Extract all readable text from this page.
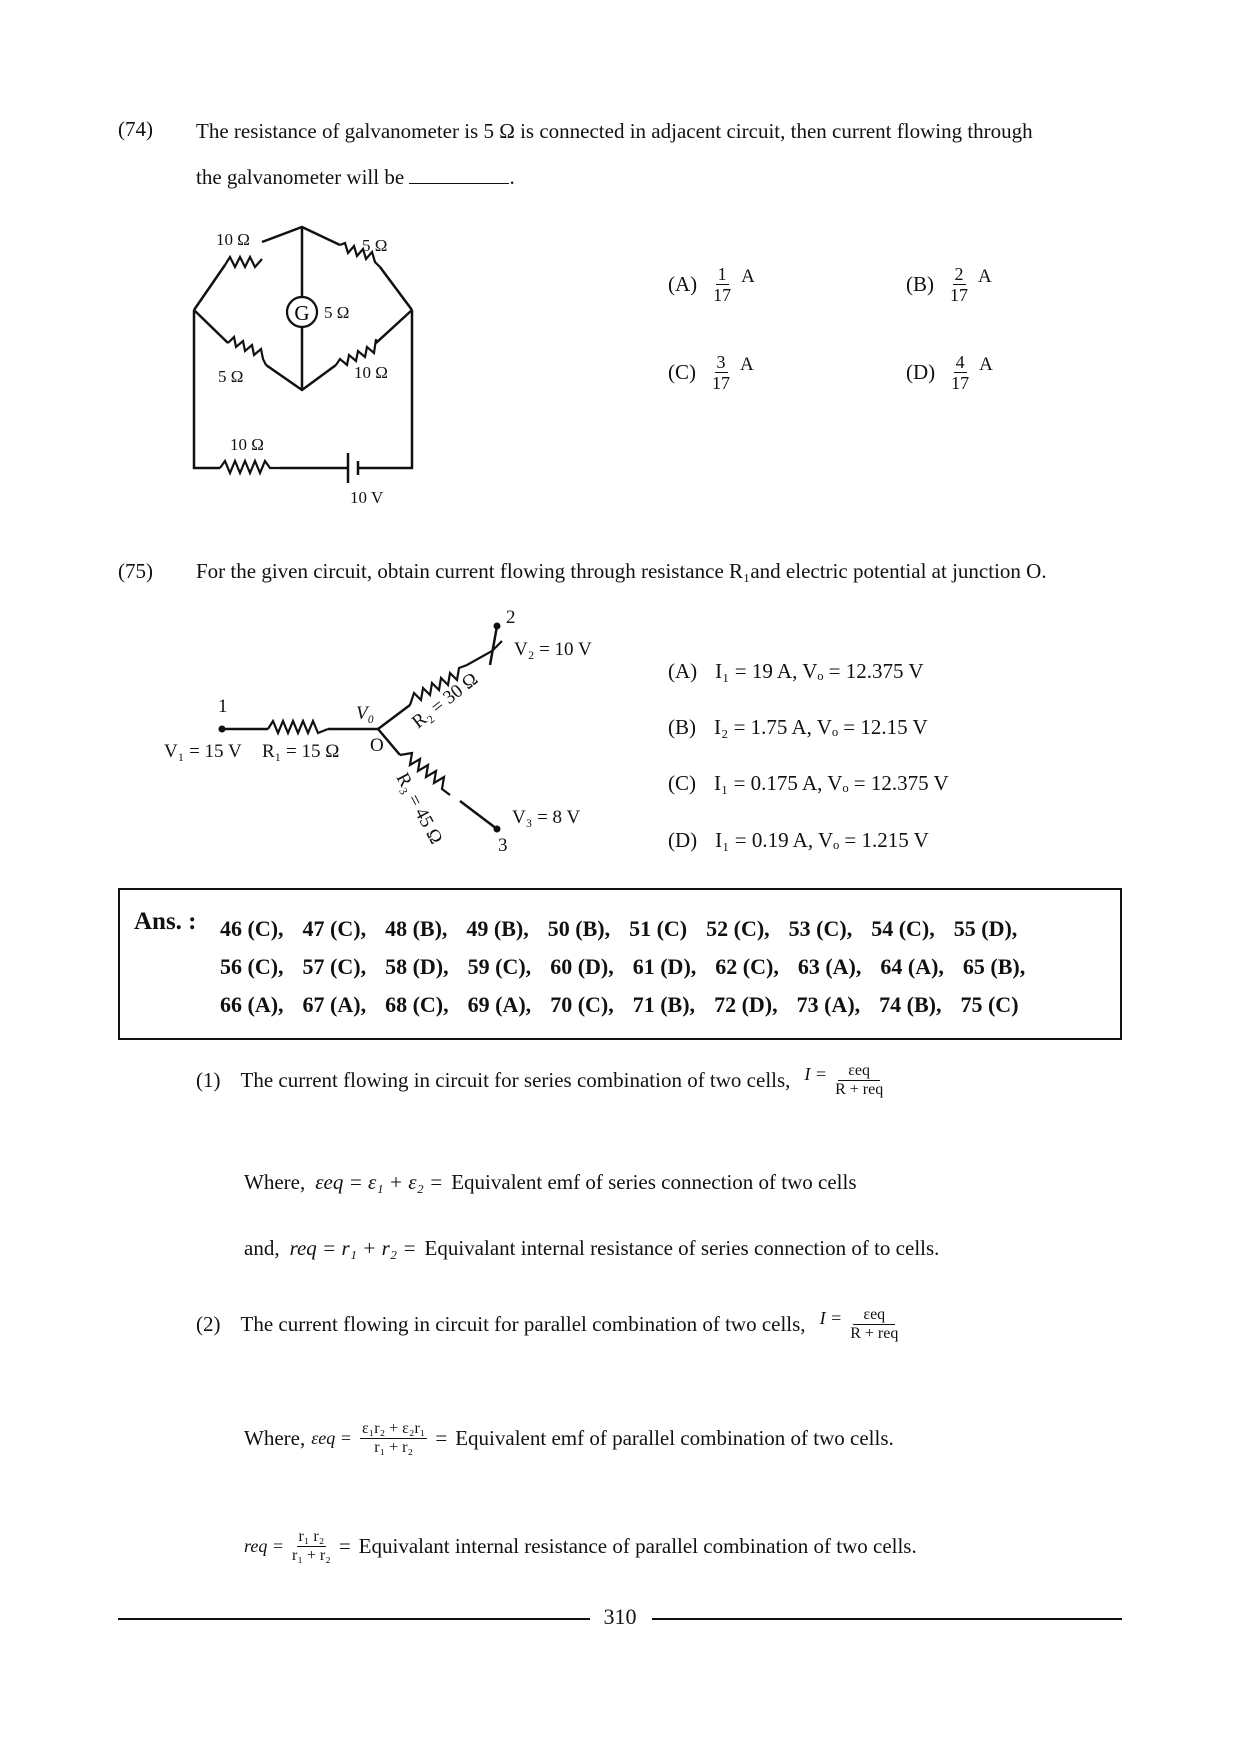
(74) The resistance of galvanometer is 5 Ω is connected in adjacent circuit, then current flowing through
the galvanometer will be	.
G
10 Ω	5 Ω
5 Ω
5 Ω	10 Ω
10 Ω
10 V
$(A) \frac{1}{17}$ A	$(B) \frac{2}{17}$ A
$(C) \frac{3}{17}$ A	$(D) \frac{4}{17}$ A
(75) For the given circuit, obtain current flowing through resistance R₁and electric potential at junction O.
1
2
3
V₁ = 15 V R₁ = 15 Ω
V₀
O
V₂ = 10 V
V₃ = 8 V
R₂ = 30 Ω
R₃ = 45 Ω
(A) I₁ = 19 A, Vₒ = 12.375 V
(B) I₂ = 1.75 A, Vₒ = 12.15 V
(C) I₁ = 0.175 A, Vₒ = 12.375 V
(D) I₁ = 0.19 A, Vₒ = 1.215 V
Ans. : 46 (C), 47 (C), 48 (B), 49 (B), 50 (B), 51 (C) 52 (C), 53 (C), 54 (C), 55 (D),
56 (C), 57 (C), 58 (D), 59 (C), 60 (D), 61 (D), 62 (C), 63 (A), 64 (A), 65 (B),
66 (A), 67 (A), 68 (C), 69 (A), 70 (C), 71 (B), 72 (D), 73 (A), 74 (B), 75 (C)
(1) The current flowing in circuit for series combination of two cells, $I = \frac{\text{εeq}}{\text{R + req}}$
Where, εeq = ε₁ + ε₂ = Equivalent emf of series connection of two cells
and, req = r₁ + r₂ = Equivalant internal resistance of series connection of to cells.
(2) The current flowing in circuit for parallel combination of two cells, $I = \frac{\text{εeq}}{\text{R + req}}$
Where, $\varepsilon eq = \frac{\text{ε₁r₂ + ε₂r₁}}{\text{r₁ + r₂}}$ = Equivalent emf of parallel combination of two cells.
req = $\frac{\text{r₁ r₂}}{\text{r₁ + r₂}}$ = Equivalant internal resistance of parallel combination of two cells.
310
